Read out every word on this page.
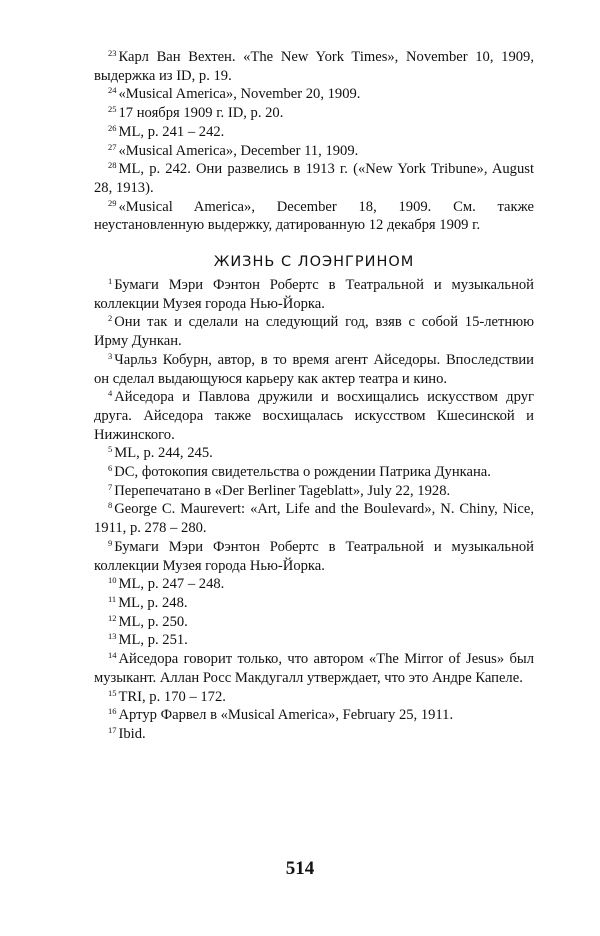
$^{23}$ Карл Ван Вехтен. «The New York Times», November 10, 1909, выдержка из ID, p. 19.

$^{24}$ «Musical America», November 20, 1909.

$^{25}$ 17 ноября 1909 г. ID, p. 20.

$^{26}$ ML, p. 241 – 242.

$^{27}$ «Musical America», December 11, 1909.

$^{28}$ ML, p. 242. Они развелись в 1913 г. («New York Tribune», August 28, 1913).

$^{29}$ «Musical America», December 18, 1909. См. также неустановленную выдержку, датированную 12 декабря 1909 г.

ЖИЗНЬ С ЛОЭНГРИНОМ

$^1$ Бумаги Мэри Фэнтон Робертс в Театральной и музыкальной коллекции Музея города Нью-Йорка.

$^2$ Они так и сделали на следующий год, взяв с собой 15-летнюю Ирму Дункан.

$^3$ Чарльз Кобурн, автор, в то время агент Айседоры. Впоследствии он сделал выдающуюся карьеру как актер театра и кино.

$^4$ Айседора и Павлова дружили и восхищались искусством друг друга. Айседора также восхищалась искусством Кшесинской и Нижинского.

$^5$ ML, p. 244, 245.

$^6$ DC, фотокопия свидетельства о рождении Патрика Дункана.

$^7$ Перепечатано в «Der Berliner Tageblatt», July 22, 1928.

$^8$ George C. Maurevert: «Art, Life and the Boulevard», N. Chiny, Nice, 1911, p. 278 – 280.

$^9$ Бумаги Мэри Фэнтон Робертс в Театральной и музыкальной коллекции Музея города Нью-Йорка.

$^{10}$ ML, p. 247 – 248.

$^{11}$ ML, p. 248.

$^{12}$ ML, p. 250.

$^{13}$ ML, p. 251.

$^{14}$ Айседора говорит только, что автором «The Mirror of Jesus» был музыкант. Аллан Росс Макдугалл утверждает, что это Андре Капеле.

$^{15}$ TRI, p. 170 – 172.

$^{16}$ Артур Фарвел в «Musical America», February 25, 1911.

$^{17}$ Ibid.

514
